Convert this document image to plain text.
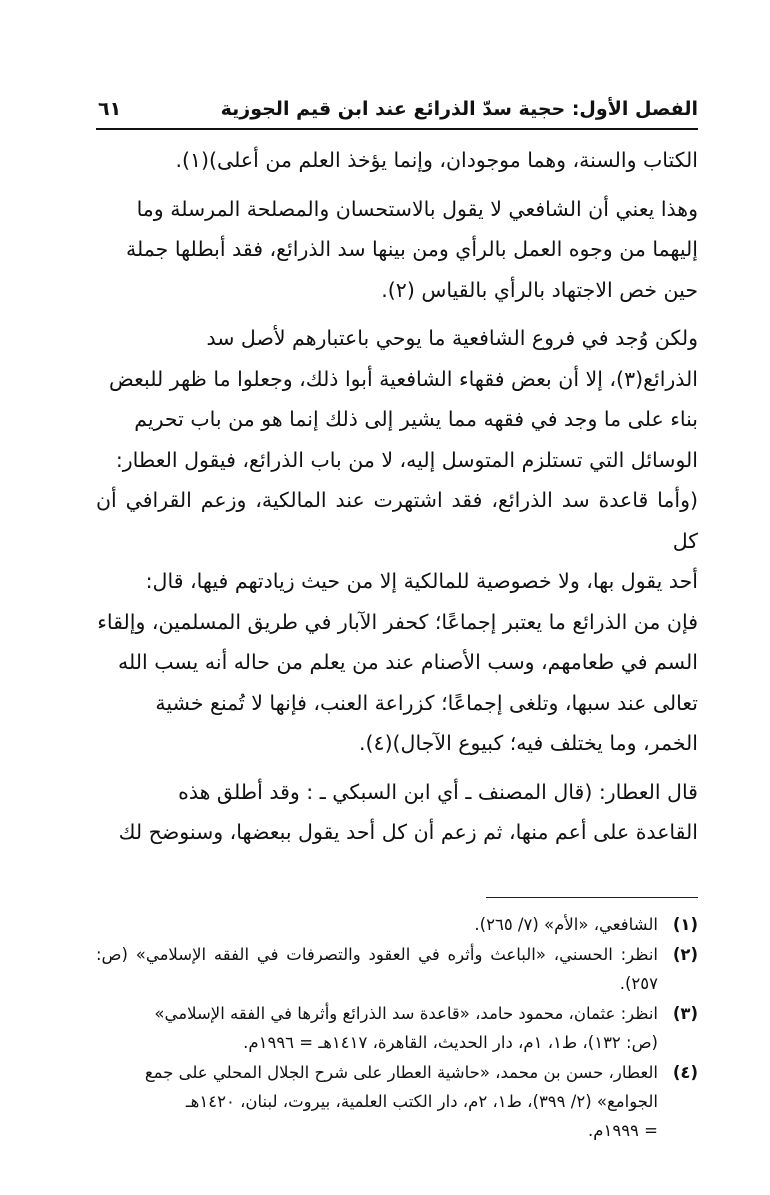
الفصل الأول: حجية سدّ الذرائع عند ابن قيم الجوزية
٦١

الكتاب والسنة، وهما موجودان، وإنما يؤخذ العلم من أعلى)(١).

وهذا يعني أن الشافعي لا يقول بالاستحسان والمصلحة المرسلة وما
إليهما من وجوه العمل بالرأي ومن بينها سد الذرائع، فقد أبطلها جملة
حين خص الاجتهاد بالرأي بالقياس (٢).

ولكن وُجد في فروع الشافعية ما يوحي باعتبارهم لأصل سد
الذرائع(٣)، إلا أن بعض فقهاء الشافعية أبوا ذلك، وجعلوا ما ظهر للبعض
بناء على ما وجد في فقهه مما يشير إلى ذلك إنما هو من باب تحريم
الوسائل التي تستلزم المتوسل إليه، لا من باب الذرائع، فيقول العطار:
(وأما قاعدة سد الذرائع، فقد اشتهرت عند المالكية، وزعم القرافي أن كل
أحد يقول بها، ولا خصوصية للمالكية إلا من حيث زيادتهم فيها، قال:
فإن من الذرائع ما يعتبر إجماعًا؛ كحفر الآبار في طريق المسلمين، وإلقاء
السم في طعامهم، وسب الأصنام عند من يعلم من حاله أنه يسب الله
تعالى عند سبها، وتلغى إجماعًا؛ كزراعة العنب، فإنها لا تُمنع خشية
الخمر، وما يختلف فيه؛ كبيوع الآجال)(٤).

قال العطار: (قال المصنف ـ أي ابن السبكي ـ : وقد أطلق هذه
القاعدة على أعم منها، ثم زعم أن كل أحد يقول ببعضها، وسنوضح لك

(١)
الشافعي، «الأم» (٧/ ٢٦٥).
(٢)
انظر: الحسني، «الباعث وأثره في العقود والتصرفات في الفقه الإسلامي» (ص: ٢٥٧).
(٣)
انظر: عثمان، محمود حامد، «قاعدة سد الذرائع وأثرها في الفقه الإسلامي»
(ص: ١٣٢)، ط١، ١م، دار الحديث، القاهرة، ١٤١٧هـ = ١٩٩٦م.
(٤)
العطار، حسن بن محمد، «حاشية العطار على شرح الجلال المحلي على جمع
الجوامع» (٢/ ٣٩٩)، ط١، ٢م، دار الكتب العلمية، بيروت، لبنان، ١٤٢٠هـ
= ١٩٩٩م.
